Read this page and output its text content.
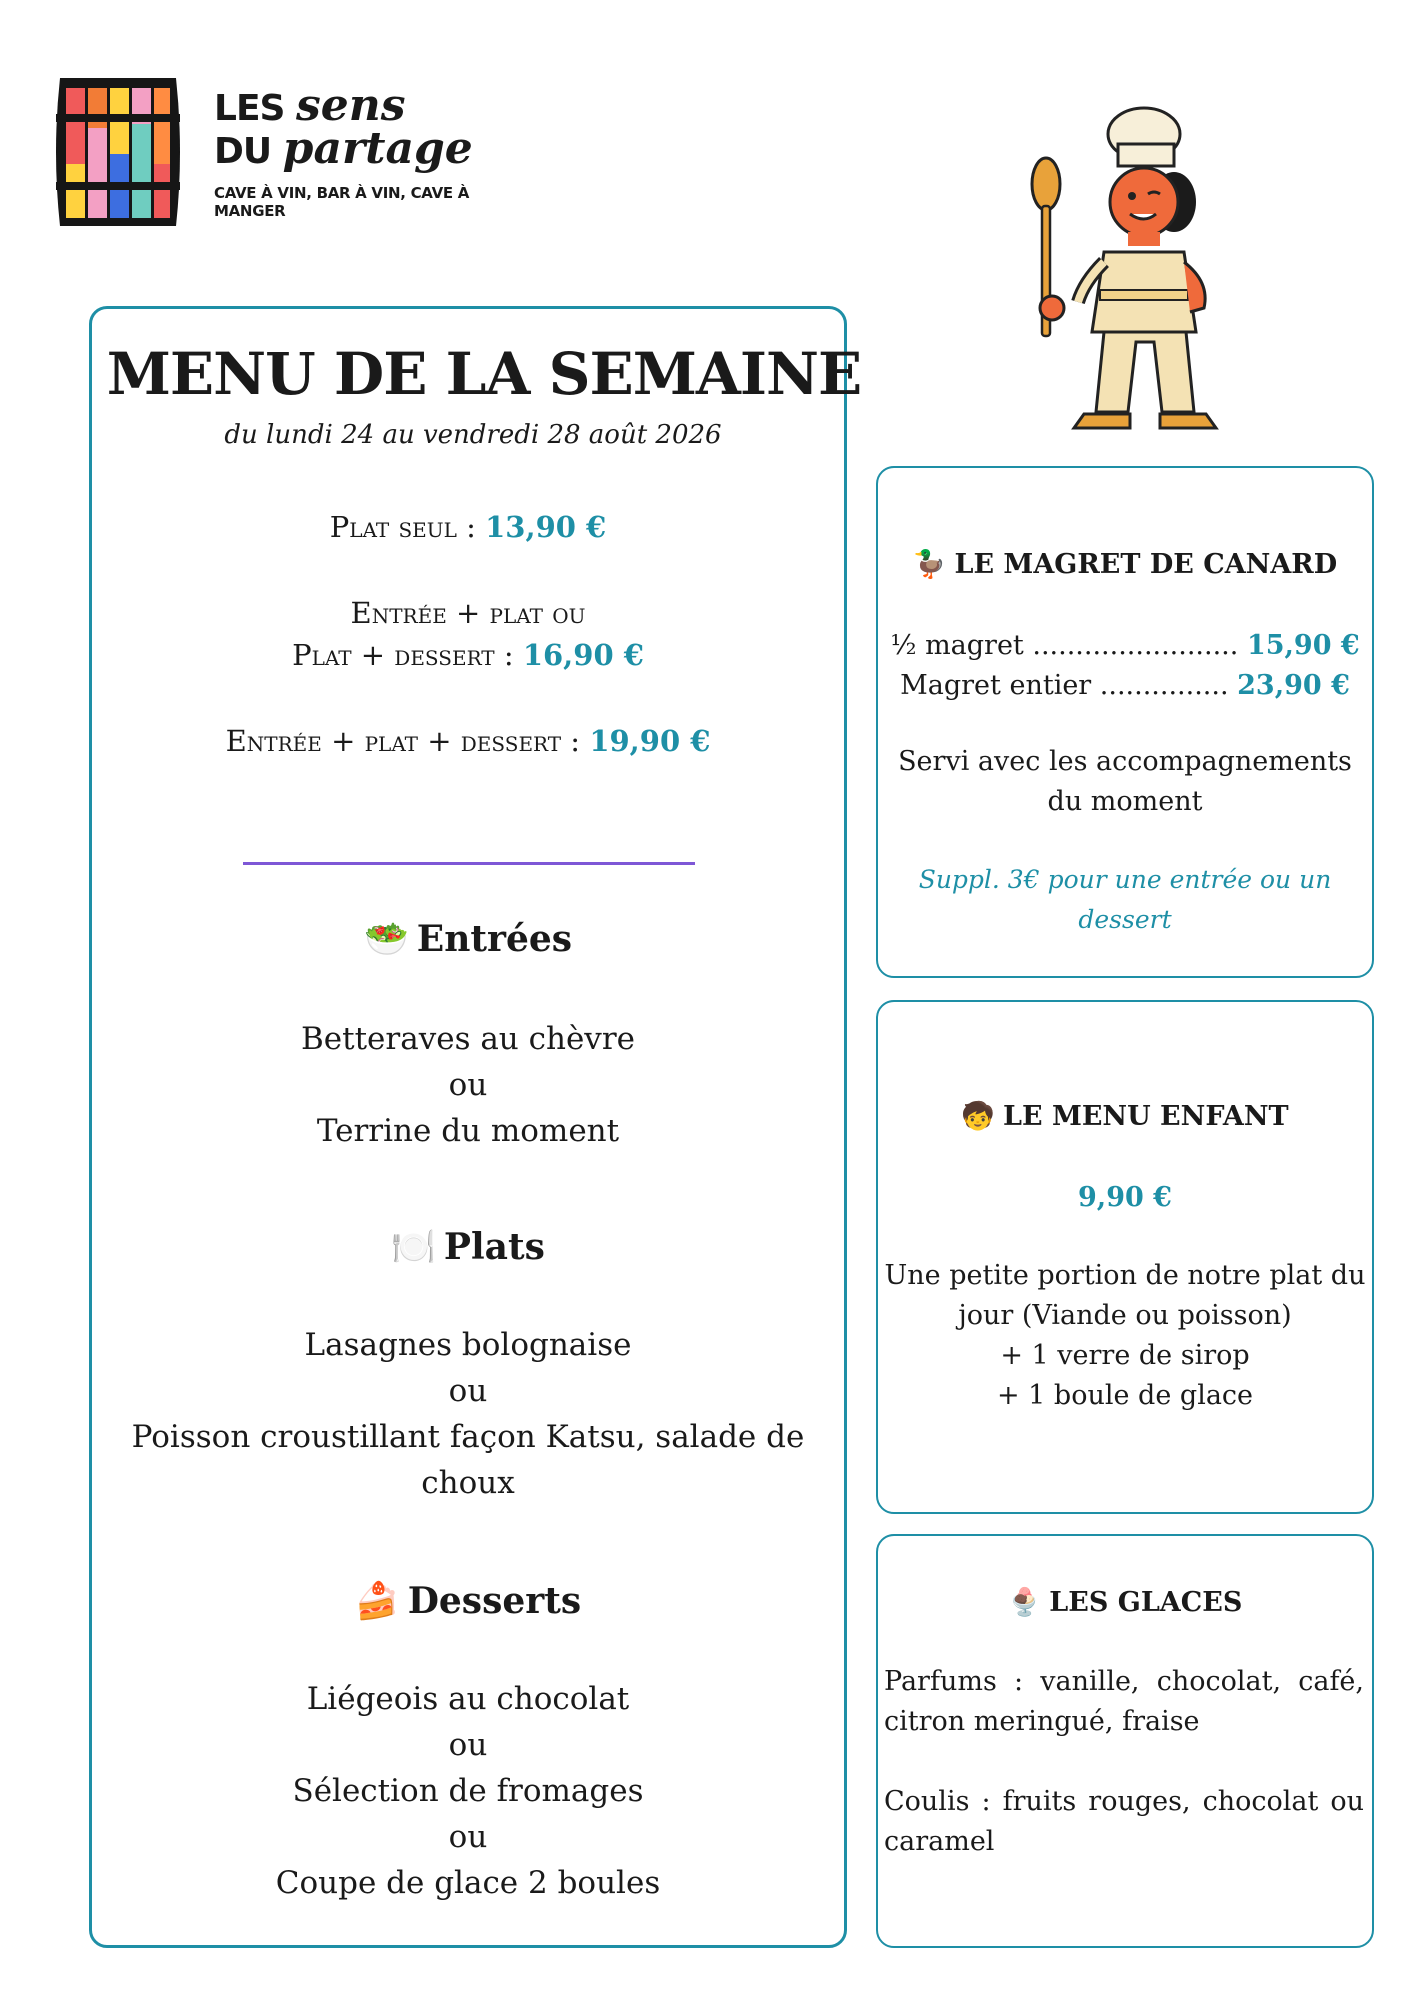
LES sens
DU partage
CAVE À VIN, BAR À VIN, CAVE À MANGER
MENU DE LA SEMAINE
du lundi 24 au vendredi 28 août 2026
Plat seul : 13,90 €
Entrée + plat ou
Plat + dessert : 16,90 €
Entrée + plat + dessert : 19,90 €
🥗 Entrées
Betteraves au chèvre
ou
Terrine du moment
🍽️ Plats
Lasagnes bolognaise
ou
Poisson croustillant façon Katsu, salade de
choux
🍰 Desserts
Liégeois au chocolat
ou
Sélection de fromages
ou
Coupe de glace 2 boules
🦆 LE MAGRET DE CANARD
½ magret ........................ 15,90 €
Magret entier ............... 23,90 €
Servi avec les accompagnements
du moment
Suppl. 3€ pour une entrée ou un dessert
🧒 LE MENU ENFANT
9,90 €
Une petite portion de notre plat du
jour (Viande ou poisson)
+ 1 verre de sirop
+ 1 boule de glace
🍨 LES GLACES
Parfums : vanille, chocolat, café, citron meringué, fraise
Coulis : fruits rouges, chocolat ou caramel
